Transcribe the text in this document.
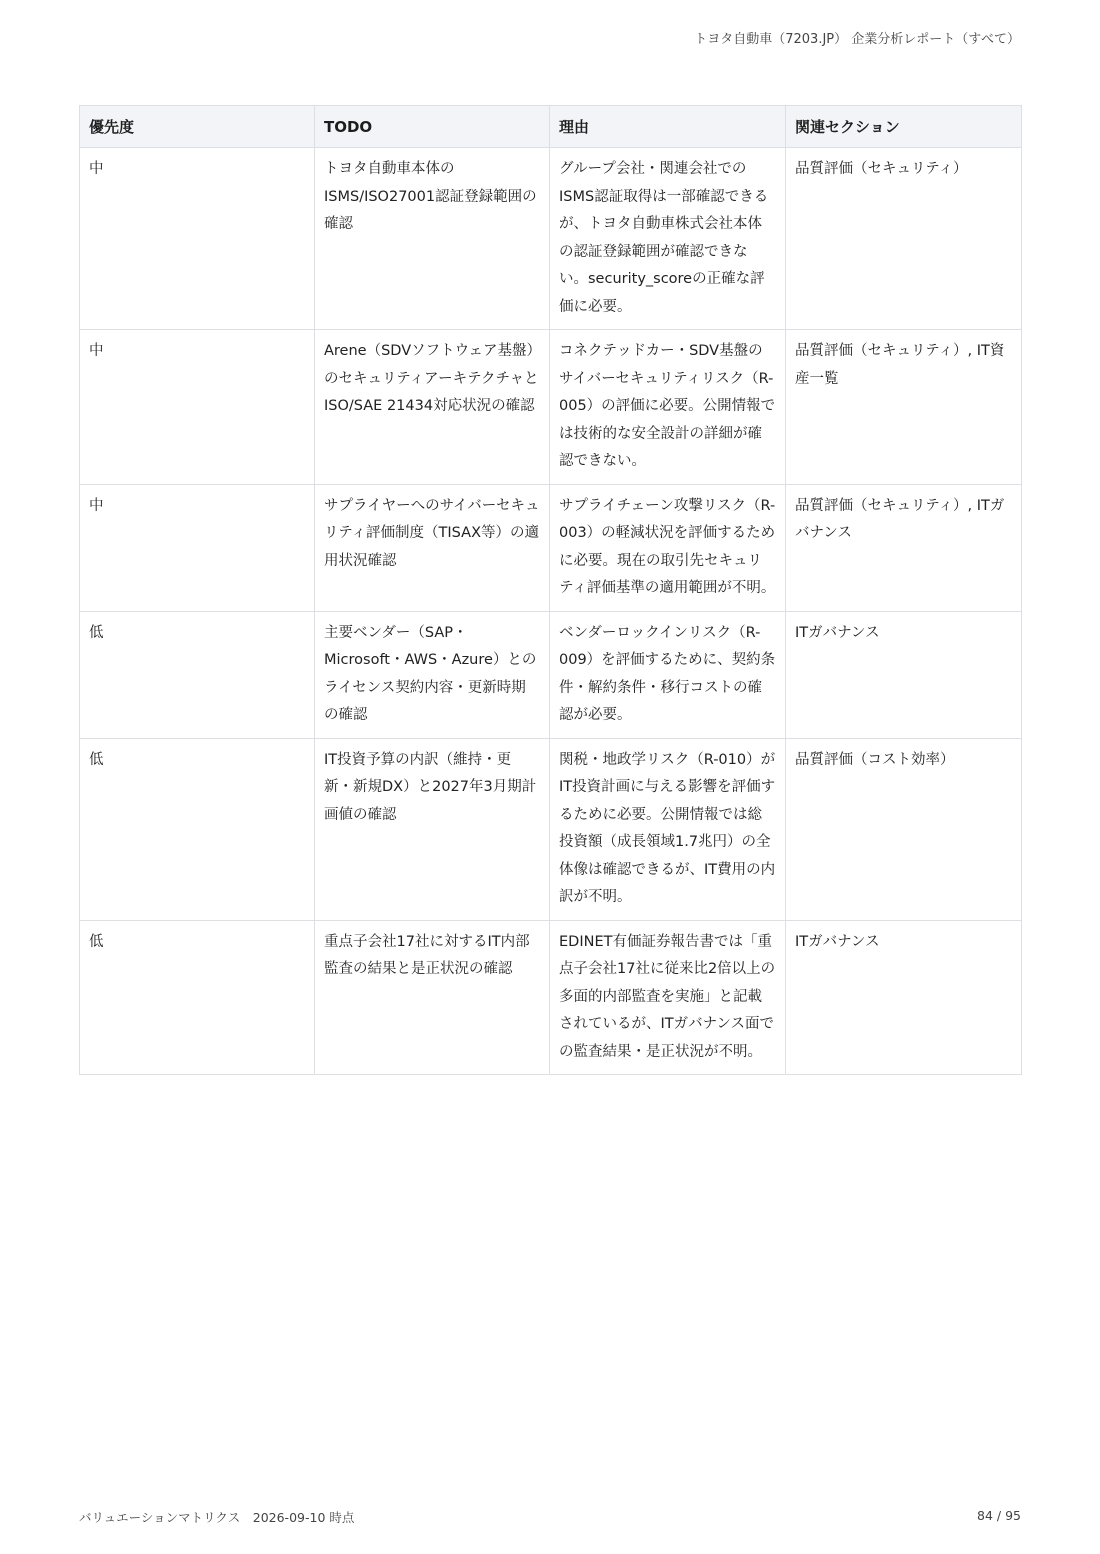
トヨタ自動車（7203.JP） 企業分析レポート（すべて）
優先度	TODO	理由	関連セクション
中	トヨタ自動車本体のISMS/ISO27001認証登録範囲の確認	グループ会社・関連会社でのISMS認証取得は一部確認できるが、トヨタ自動車株式会社本体の認証登録範囲が確認できない。security_scoreの正確な評価に必要。	品質評価（セキュリティ）
中	Arene（SDVソフトウェア基盤）のセキュリティアーキテクチャとISO/SAE 21434対応状況の確認	コネクテッドカー・SDV基盤のサイバーセキュリティリスク（R-005）の評価に必要。公開情報では技術的な安全設計の詳細が確認できない。	品質評価（セキュリティ）, IT資産一覧
中	サプライヤーへのサイバーセキュリティ評価制度（TISAX等）の適用状況確認	サプライチェーン攻撃リスク（R-003）の軽減状況を評価するために必要。現在の取引先セキュリティ評価基準の適用範囲が不明。	品質評価（セキュリティ）, ITガバナンス
低	主要ベンダー（SAP・Microsoft・AWS・Azure）とのライセンス契約内容・更新時期の確認	ベンダーロックインリスク（R-009）を評価するために、契約条件・解約条件・移行コストの確認が必要。	ITガバナンス
低	IT投資予算の内訳（維持・更新・新規DX）と2027年3月期計画値の確認	関税・地政学リスク（R-010）がIT投資計画に与える影響を評価するために必要。公開情報では総投資額（成長領域1.7兆円）の全体像は確認できるが、IT費用の内訳が不明。	品質評価（コスト効率）
低	重点子会社17社に対するIT内部監査の結果と是正状況の確認	EDINET有価証券報告書では「重点子会社17社に従来比2倍以上の多面的内部監査を実施」と記載されているが、ITガバナンス面での監査結果・是正状況が不明。	ITガバナンス
バリュエーションマトリクス　2026-09-10 時点	84 / 95
